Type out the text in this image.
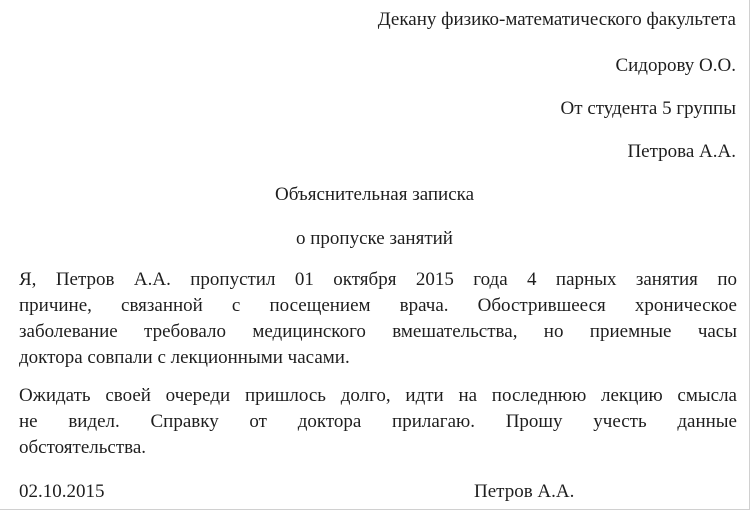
Декану физико-математического факультета
Сидорову О.О.
От студента 5 группы
Петрова А.А.
Объяснительная записка
о пропуске занятий
Я, Петров А.А. пропустил 01 октября 2015 года 4 парных занятия по
причине, связанной с посещением врача. Обострившееся хроническое
заболевание требовало медицинского вмешательства, но приемные часы
доктора совпали с лекционными часами.
Ожидать своей очереди пришлось долго, идти на последнюю лекцию смысла
не видел. Справку от доктора прилагаю. Прошу учесть данные
обстоятельства.
02.10.2015	Петров А.А.
